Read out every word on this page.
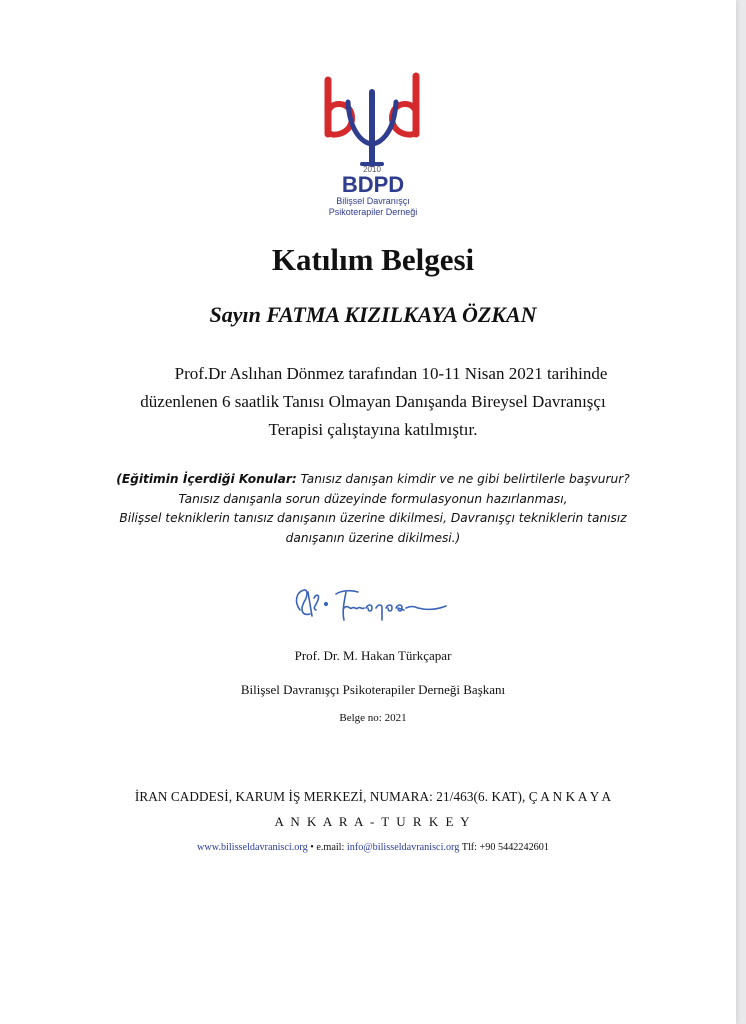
2010
BDPD
Bilişsel Davranışçı
Psikoterapiler Derneği
Katılım Belgesi
Sayın FATMA KIZILKAYA ÖZKAN
Prof.Dr Aslıhan Dönmez tarafından 10-11 Nisan 2021 tarihinde
düzenlenen 6 saatlik Tanısı Olmayan Danışanda Bireysel Davranışçı
Terapisi çalıştayına katılmıştır.
(Eğitimin İçerdiği Konular: Tanısız danışan kimdir ve ne gibi belirtilerle başvurur?
Tanısız danışanla sorun düzeyinde formulasyonun hazırlanması,
Bilişsel tekniklerin tanısız danışanın üzerine dikilmesi, Davranışçı tekniklerin tanısız
danışanın üzerine dikilmesi.)
Prof. Dr. M. Hakan Türkçapar
Bilişsel Davranışçı Psikoterapiler Derneği Başkanı
Belge no: 2021
İRAN CADDESİ, KARUM İŞ MERKEZİ, NUMARA: 21/463(6. KAT), Ç A N K A Y A
A N K A R A - T U R K E Y
www.bilisseldavranisci.org • e.mail: info@bilisseldavranisci.org Tlf: +90 5442242601
